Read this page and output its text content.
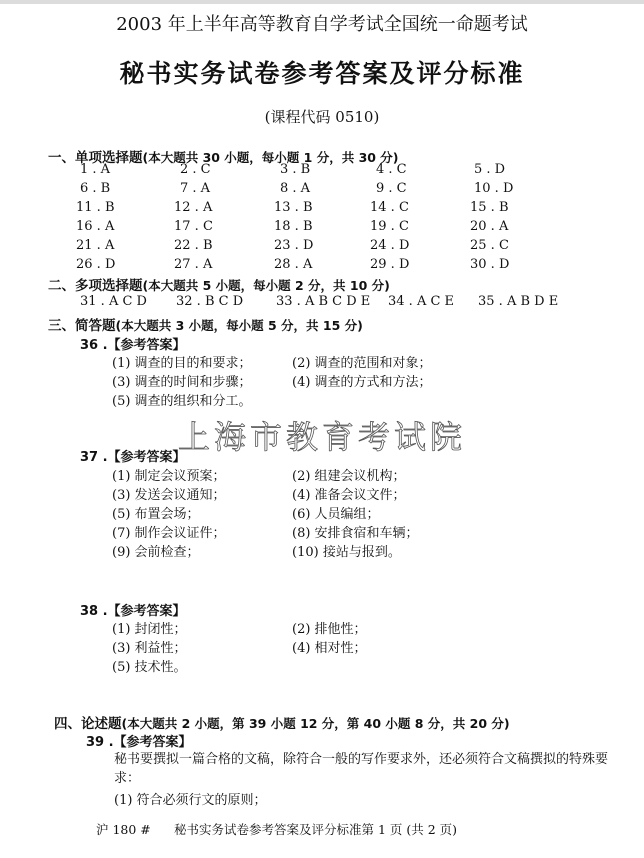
2003 年上半年高等教育自学考试全国统一命题考试
秘书实务试卷参考答案及评分标准
(课程代码 0510)
一、单项选择题(本大题共 30 小题，每小题 1 分，共 30 分)
1 . A	2 . C	3 . B	4 . C	5 . D
6 . B	7 . A	8 . A	9 . C	10 . D
11 . B	12 . A	13 . B	14 . C	15 . B
16 . A	17 . C	18 . B	19 . C	20 . A
21 . A	22 . B	23 . D	24 . D	25 . C
26 . D	27 . A	28 . A	29 . D	30 . D
二、多项选择题(本大题共 5 小题，每小题 2 分，共 10 分)
31 . A C D 32 . B C D	33 . A B C D E 34 . A C E 35 . A B D E
三、简答题(本大题共 3 小题，每小题 5 分，共 15 分)
36 .【参考答案】
(1) 调查的目的和要求；	(2) 调查的范围和对象；
(3) 调查的时间和步骤；	(4) 调查的方式和方法；
(5) 调查的组织和分工。
上海市教育考试院
37 .【参考答案】
(1) 制定会议预案；	(2) 组建会议机构；
(3) 发送会议通知；	(4) 准备会议文件；
(5) 布置会场；	(6) 人员编组；
(7) 制作会议证件；	(8) 安排食宿和车辆；
(9) 会前检查；	(10) 接站与报到。
38 .【参考答案】
(1) 封闭性；	(2) 排他性；
(3) 利益性；	(4) 相对性；
(5) 技术性。
四、论述题(本大题共 2 小题，第 39 小题 12 分，第 40 小题 8 分，共 20 分)
39 .【参考答案】
秘书要撰拟一篇合格的文稿，除符合一般的写作要求外，还必须符合文稿撰拟的特殊要求：
(1) 符合必须行文的原则；
沪 180 # 秘书实务试卷参考答案及评分标准第 1 页 (共 2 页)
